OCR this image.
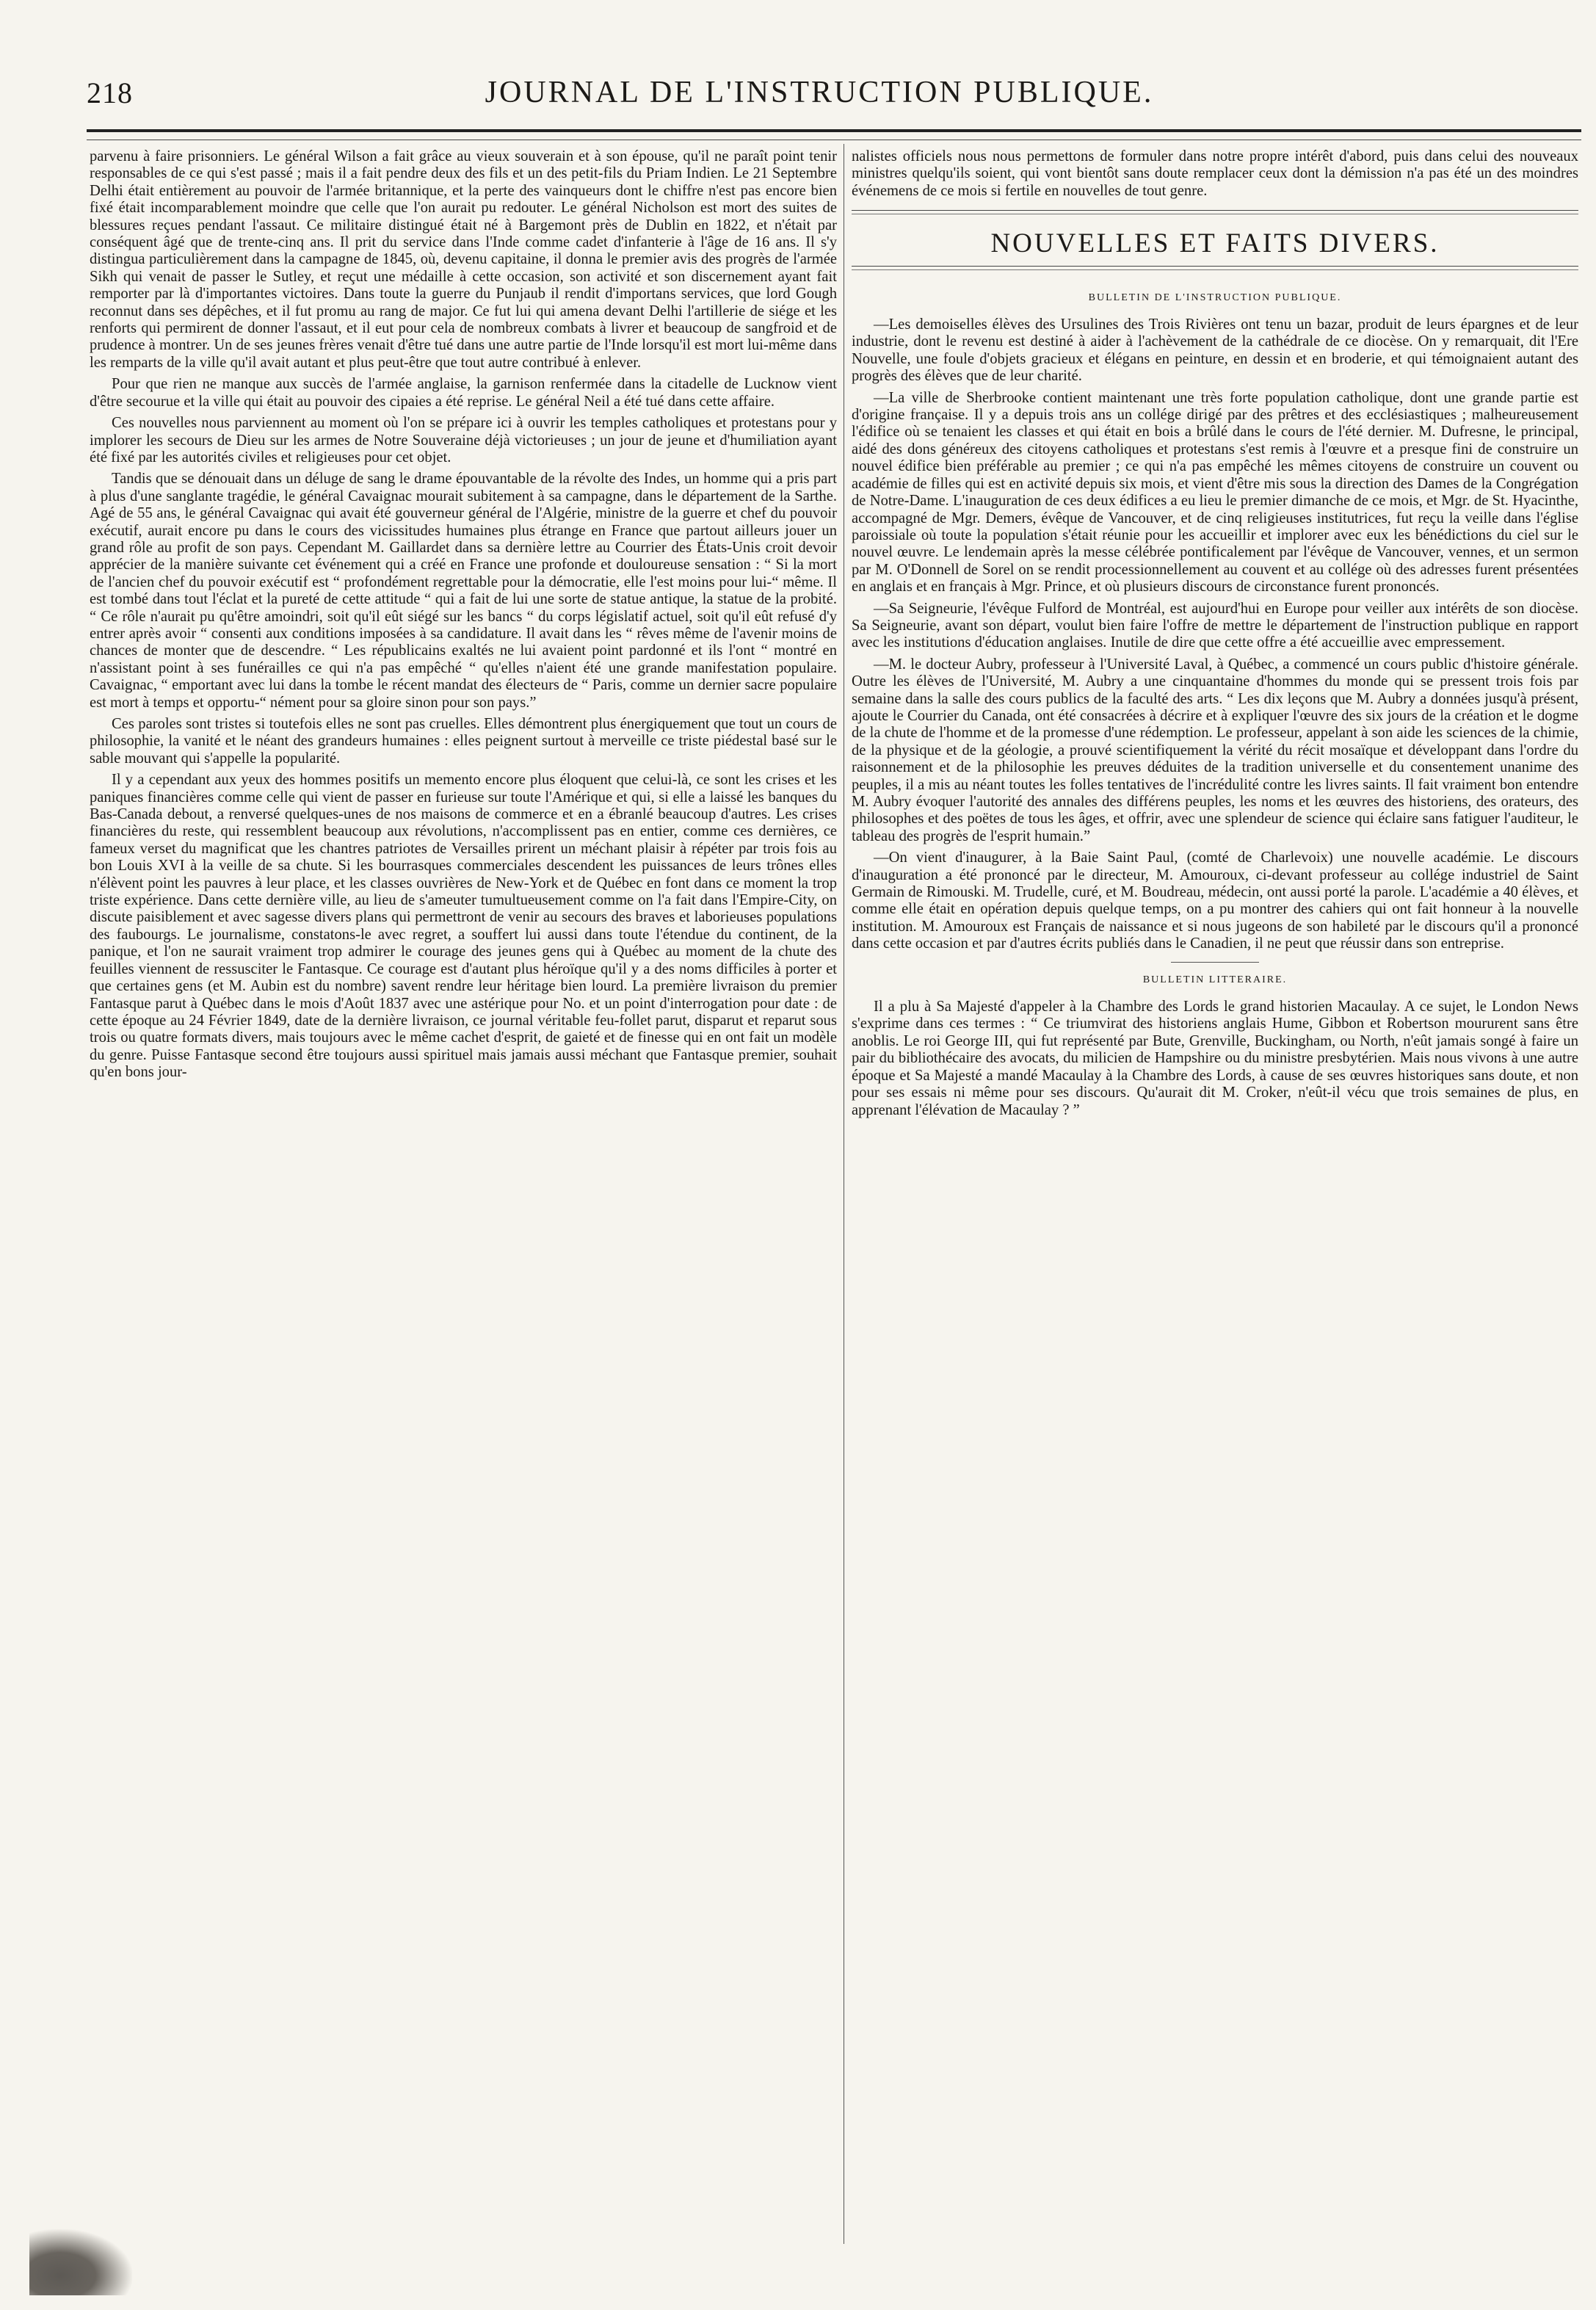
218	JOURNAL DE L'INSTRUCTION PUBLIQUE.

parvenu à faire prisonniers. Le général Wilson a fait grâce au vieux souverain et à son épouse, qu'il ne paraît point tenir responsables de ce qui s'est passé ; mais il a fait pendre deux des fils et un des petit-fils du Priam Indien. Le 21 Septembre Delhi était entièrement au pouvoir de l'armée britannique, et la perte des vainqueurs dont le chiffre n'est pas encore bien fixé était incomparablement moindre que celle que l'on aurait pu redouter. Le général Nicholson est mort des suites de blessures reçues pendant l'assaut. Ce militaire distingué était né à Bargemont près de Dublin en 1822, et n'était par conséquent âgé que de trente-cinq ans. Il prit du service dans l'Inde comme cadet d'infanterie à l'âge de 16 ans. Il s'y distingua particulièrement dans la campagne de 1845, où, devenu capitaine, il donna le premier avis des progrès de l'armée Sikh qui venait de passer le Sutley, et reçut une médaille à cette occasion, son activité et son discernement ayant fait remporter par là d'importantes victoires. Dans toute la guerre du Punjaub il rendit d'importans services, que lord Gough reconnut dans ses dépêches, et il fut promu au rang de major. Ce fut lui qui amena devant Delhi l'artillerie de siége et les renforts qui permirent de donner l'assaut, et il eut pour cela de nombreux combats à livrer et beaucoup de sangfroid et de prudence à montrer. Un de ses jeunes frères venait d'être tué dans une autre partie de l'Inde lorsqu'il est mort lui-même dans les remparts de la ville qu'il avait autant et plus peut-être que tout autre contribué à enlever.

Pour que rien ne manque aux succès de l'armée anglaise, la garnison renfermée dans la citadelle de Lucknow vient d'être secourue et la ville qui était au pouvoir des cipaies a été reprise. Le général Neil a été tué dans cette affaire.

Ces nouvelles nous parviennent au moment où l'on se prépare ici à ouvrir les temples catholiques et protestans pour y implorer les secours de Dieu sur les armes de Notre Souveraine déjà victorieuses ; un jour de jeune et d'humiliation ayant été fixé par les autorités civiles et religieuses pour cet objet.

Tandis que se dénouait dans un déluge de sang le drame épouvantable de la révolte des Indes, un homme qui a pris part à plus d'une sanglante tragédie, le général Cavaignac mourait subitement à sa campagne, dans le département de la Sarthe. Agé de 55 ans, le général Cavaignac qui avait été gouverneur général de l'Algérie, ministre de la guerre et chef du pouvoir exécutif, aurait encore pu dans le cours des vicissitudes humaines plus étrange en France que partout ailleurs jouer un grand rôle au profit de son pays. Cependant M. Gaillardet dans sa dernière lettre au Courrier des États-Unis croit devoir apprécier de la manière suivante cet événement qui a créé en France une profonde et douloureuse sensation : “ Si la mort de l'ancien chef du pouvoir exécutif est “ profondément regrettable pour la démocratie, elle l'est moins pour lui-“ même. Il est tombé dans tout l'éclat et la pureté de cette attitude “ qui a fait de lui une sorte de statue antique, la statue de la probité. “ Ce rôle n'aurait pu qu'être amoindri, soit qu'il eût siégé sur les bancs “ du corps législatif actuel, soit qu'il eût refusé d'y entrer après avoir “ consenti aux conditions imposées à sa candidature. Il avait dans les “ rêves même de l'avenir moins de chances de monter que de descendre. “ Les républicains exaltés ne lui avaient point pardonné et ils l'ont “ montré en n'assistant point à ses funérailles ce qui n'a pas empêché “ qu'elles n'aient été une grande manifestation populaire. Cavaignac, “ emportant avec lui dans la tombe le récent mandat des électeurs de “ Paris, comme un dernier sacre populaire est mort à temps et opportu-“ nément pour sa gloire sinon pour son pays.”

Ces paroles sont tristes si toutefois elles ne sont pas cruelles. Elles démontrent plus énergiquement que tout un cours de philosophie, la vanité et le néant des grandeurs humaines : elles peignent surtout à merveille ce triste piédestal basé sur le sable mouvant qui s'appelle la popularité.

Il y a cependant aux yeux des hommes positifs un memento encore plus éloquent que celui-là, ce sont les crises et les paniques financières comme celle qui vient de passer en furieuse sur toute l'Amérique et qui, si elle a laissé les banques du Bas-Canada debout, a renversé quelques-unes de nos maisons de commerce et en a ébranlé beaucoup d'autres. Les crises financières du reste, qui ressemblent beaucoup aux révolutions, n'accomplissent pas en entier, comme ces dernières, ce fameux verset du magnificat que les chantres patriotes de Versailles prirent un méchant plaisir à répéter par trois fois au bon Louis XVI à la veille de sa chute. Si les bourrasques commerciales descendent les puissances de leurs trônes elles n'élèvent point les pauvres à leur place, et les classes ouvrières de New-York et de Québec en font dans ce moment la trop triste expérience. Dans cette dernière ville, au lieu de s'ameuter tumultueusement comme on l'a fait dans l'Empire-City, on discute paisiblement et avec sagesse divers plans qui permettront de venir au secours des braves et laborieuses populations des faubourgs. Le journalisme, constatons-le avec regret, a souffert lui aussi dans toute l'étendue du continent, de la panique, et l'on ne saurait vraiment trop admirer le courage des jeunes gens qui à Québec au moment de la chute des feuilles viennent de ressusciter le Fantasque. Ce courage est d'autant plus héroïque qu'il y a des noms difficiles à porter et que certaines gens (et M. Aubin est du nombre) savent rendre leur héritage bien lourd. La première livraison du premier Fantasque parut à Québec dans le mois d'Août 1837 avec une astérique pour No. et un point d'interrogation pour date : de cette époque au 24 Février 1849, date de la dernière livraison, ce journal véritable feu-follet parut, disparut et reparut sous trois ou quatre formats divers, mais toujours avec le même cachet d'esprit, de gaieté et de finesse qui en ont fait un modèle du genre. Puisse Fantasque second être toujours aussi spirituel mais jamais aussi méchant que Fantasque premier, souhait qu'en bons jour-

nalistes officiels nous nous permettons de formuler dans notre propre intérêt d'abord, puis dans celui des nouveaux ministres quelqu'ils soient, qui vont bientôt sans doute remplacer ceux dont la démission n'a pas été un des moindres événemens de ce mois si fertile en nouvelles de tout genre.

NOUVELLES ET FAITS DIVERS.
BULLETIN DE L'INSTRUCTION PUBLIQUE.

—Les demoiselles élèves des Ursulines des Trois Rivières ont tenu un bazar, produit de leurs épargnes et de leur industrie, dont le revenu est destiné à aider à l'achèvement de la cathédrale de ce diocèse. On y remarquait, dit l'Ere Nouvelle, une foule d'objets gracieux et élégans en peinture, en dessin et en broderie, et qui témoignaient autant des progrès des élèves que de leur charité.

—La ville de Sherbrooke contient maintenant une très forte population catholique, dont une grande partie est d'origine française. Il y a depuis trois ans un collége dirigé par des prêtres et des ecclésiastiques ; malheureusement l'édifice où se tenaient les classes et qui était en bois a brûlé dans le cours de l'été dernier. M. Dufresne, le principal, aidé des dons généreux des citoyens catholiques et protestans s'est remis à l'œuvre et a presque fini de construire un nouvel édifice bien préférable au premier ; ce qui n'a pas empêché les mêmes citoyens de construire un couvent ou académie de filles qui est en activité depuis six mois, et vient d'être mis sous la direction des Dames de la Congrégation de Notre-Dame. L'inauguration de ces deux édifices a eu lieu le premier dimanche de ce mois, et Mgr. de St. Hyacinthe, accompagné de Mgr. Demers, évêque de Vancouver, et de cinq religieuses institutrices, fut reçu la veille dans l'église paroissiale où toute la population s'était réunie pour les accueillir et implorer avec eux les bénédictions du ciel sur le nouvel œuvre. Le lendemain après la messe célébrée pontificalement par l'évêque de Vancouver, vennes, et un sermon par M. O'Donnell de Sorel on se rendit processionnellement au couvent et au collége où des adresses furent présentées en anglais et en français à Mgr. Prince, et où plusieurs discours de circonstance furent prononcés.

—Sa Seigneurie, l'évêque Fulford de Montréal, est aujourd'hui en Europe pour veiller aux intérêts de son diocèse. Sa Seigneurie, avant son départ, voulut bien faire l'offre de mettre le département de l'instruction publique en rapport avec les institutions d'éducation anglaises. Inutile de dire que cette offre a été accueillie avec empressement.

—M. le docteur Aubry, professeur à l'Université Laval, à Québec, a commencé un cours public d'histoire générale. Outre les élèves de l'Université, M. Aubry a une cinquantaine d'hommes du monde qui se pressent trois fois par semaine dans la salle des cours publics de la faculté des arts. “ Les dix leçons que M. Aubry a données jusqu'à présent, ajoute le Courrier du Canada, ont été consacrées à décrire et à expliquer l'œuvre des six jours de la création et le dogme de la chute de l'homme et de la promesse d'une rédemption. Le professeur, appelant à son aide les sciences de la chimie, de la physique et de la géologie, a prouvé scientifiquement la vérité du récit mosaïque et développant dans l'ordre du raisonnement et de la philosophie les preuves déduites de la tradition universelle et du consentement unanime des peuples, il a mis au néant toutes les folles tentatives de l'incrédulité contre les livres saints. Il fait vraiment bon entendre M. Aubry évoquer l'autorité des annales des différens peuples, les noms et les œuvres des historiens, des orateurs, des philosophes et des poëtes de tous les âges, et offrir, avec une splendeur de science qui éclaire sans fatiguer l'auditeur, le tableau des progrès de l'esprit humain.”

—On vient d'inaugurer, à la Baie Saint Paul, (comté de Charlevoix) une nouvelle académie. Le discours d'inauguration a été prononcé par le directeur, M. Amouroux, ci-devant professeur au collége industriel de Saint Germain de Rimouski. M. Trudelle, curé, et M. Boudreau, médecin, ont aussi porté la parole. L'académie a 40 élèves, et comme elle était en opération depuis quelque temps, on a pu montrer des cahiers qui ont fait honneur à la nouvelle institution. M. Amouroux est Français de naissance et si nous jugeons de son habileté par le discours qu'il a prononcé dans cette occasion et par d'autres écrits publiés dans le Canadien, il ne peut que réussir dans son entreprise.

BULLETIN LITTERAIRE.

Il a plu à Sa Majesté d'appeler à la Chambre des Lords le grand historien Macaulay. A ce sujet, le London News s'exprime dans ces termes : “ Ce triumvirat des historiens anglais Hume, Gibbon et Robertson moururent sans être anoblis. Le roi George III, qui fut représenté par Bute, Grenville, Buckingham, ou North, n'eût jamais songé à faire un pair du bibliothécaire des avocats, du milicien de Hampshire ou du ministre presbytérien. Mais nous vivons à une autre époque et Sa Majesté a mandé Macaulay à la Chambre des Lords, à cause de ses œuvres historiques sans doute, et non pour ses essais ni même pour ses discours. Qu'aurait dit M. Croker, n'eût-il vécu que trois semaines de plus, en apprenant l'élévation de Macaulay ? ”
